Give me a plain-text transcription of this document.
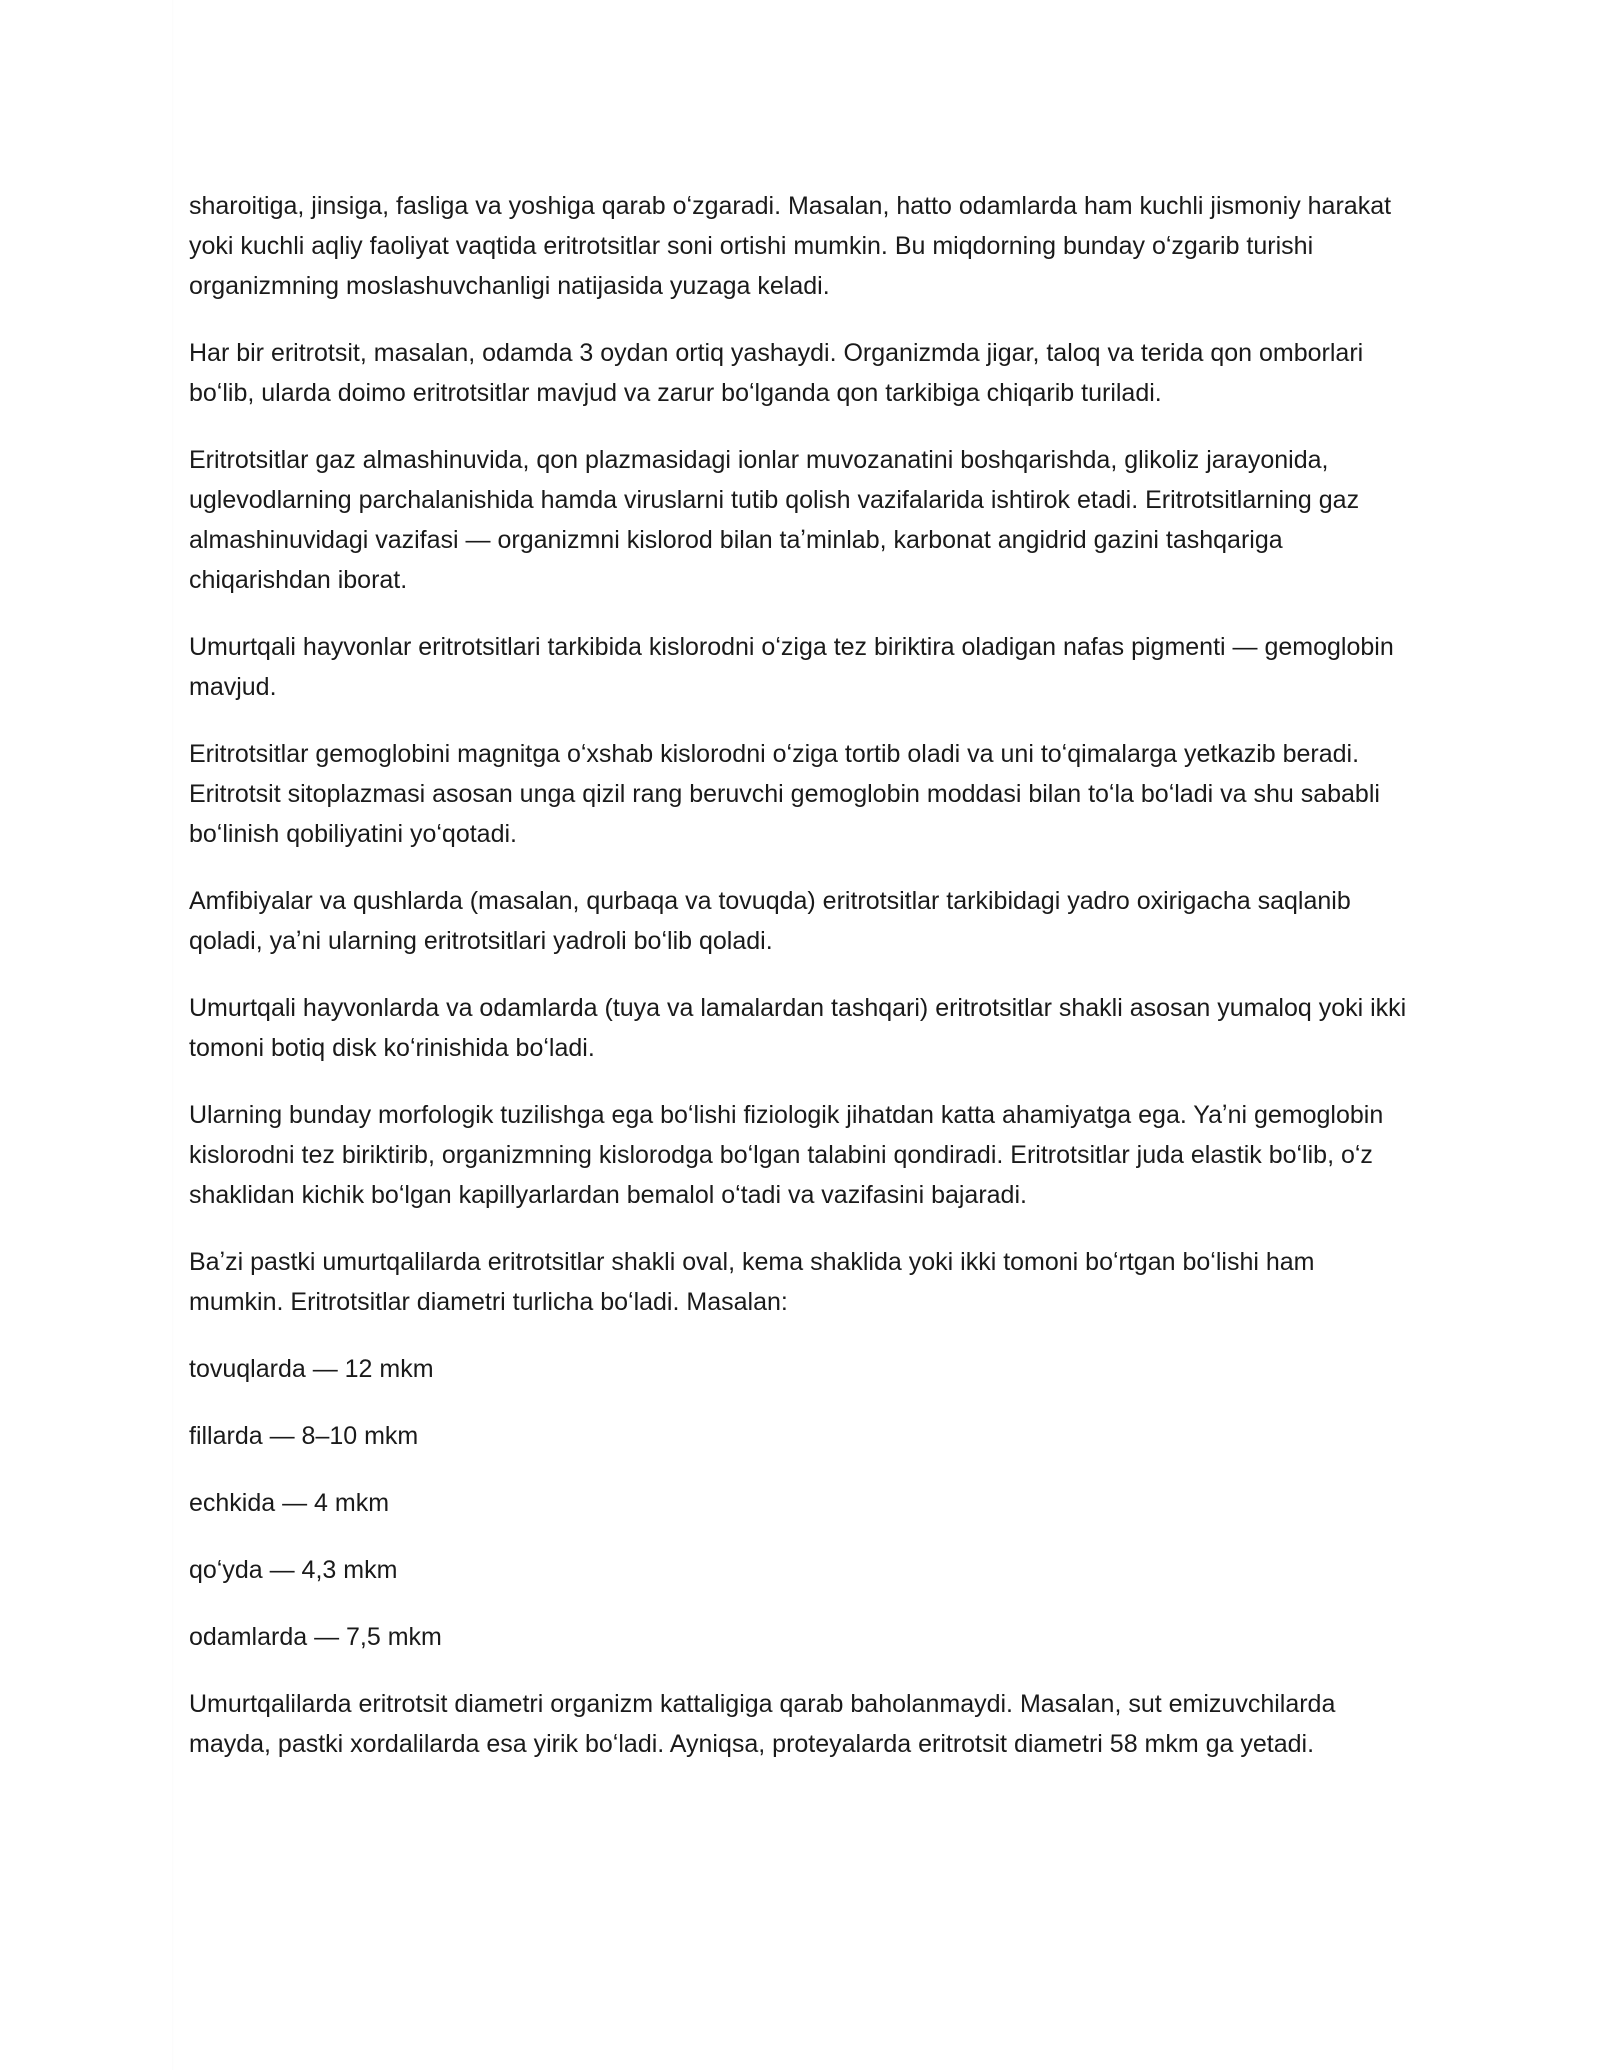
sharoitiga, jinsiga, fasliga va yoshiga qarab oʻzgaradi. Masalan, hatto odamlarda ham kuchli jismoniy harakat yoki kuchli aqliy faoliyat vaqtida eritrotsitlar soni ortishi mumkin. Bu miqdorning bunday oʻzgarib turishi organizmning moslashuvchanligi natijasida yuzaga keladi.

Har bir eritrotsit, masalan, odamda 3 oydan ortiq yashaydi. Organizmda jigar, taloq va terida qon omborlari boʻlib, ularda doimo eritrotsitlar mavjud va zarur boʻlganda qon tarkibiga chiqarib turiladi.

Eritrotsitlar gaz almashinuvida, qon plazmasidagi ionlar muvozanatini boshqarishda, glikoliz jarayonida, uglevodlarning parchalanishida hamda viruslarni tutib qolish vazifalarida ishtirok etadi. Eritrotsitlarning gaz almashinuvidagi vazifasi — organizmni kislorod bilan taʼminlab, karbonat angidrid gazini tashqariga chiqarishdan iborat.

Umurtqali hayvonlar eritrotsitlari tarkibida kislorodni oʻziga tez biriktira oladigan nafas pigmenti — gemoglobin mavjud.

Eritrotsitlar gemoglobini magnitga oʻxshab kislorodni oʻziga tortib oladi va uni toʻqimalarga yetkazib beradi. Eritrotsit sitoplazmasi asosan unga qizil rang beruvchi gemoglobin moddasi bilan toʻla boʻladi va shu sababli boʻlinish qobiliyatini yoʻqotadi.

Amfibiyalar va qushlarda (masalan, qurbaqa va tovuqda) eritrotsitlar tarkibidagi yadro oxirigacha saqlanib qoladi, yaʼni ularning eritrotsitlari yadroli boʻlib qoladi.

Umurtqali hayvonlarda va odamlarda (tuya va lamalardan tashqari) eritrotsitlar shakli asosan yumaloq yoki ikki tomoni botiq disk koʻrinishida boʻladi.

Ularning bunday morfologik tuzilishga ega boʻlishi fiziologik jihatdan katta ahamiyatga ega. Yaʼni gemoglobin kislorodni tez biriktirib, organizmning kislorodga boʻlgan talabini qondiradi. Eritrotsitlar juda elastik boʻlib, oʻz shaklidan kichik boʻlgan kapillyarlardan bemalol oʻtadi va vazifasini bajaradi.

Baʼzi pastki umurtqalilarda eritrotsitlar shakli oval, kema shaklida yoki ikki tomoni boʻrtgan boʻlishi ham mumkin. Eritrotsitlar diametri turlicha boʻladi. Masalan:

tovuqlarda — 12 mkm

fillarda — 8–10 mkm

echkida — 4 mkm

qoʻyda — 4,3 mkm

odamlarda — 7,5 mkm

Umurtqalilarda eritrotsit diametri organizm kattaligiga qarab baholanmaydi. Masalan, sut emizuvchilarda mayda, pastki xordalilarda esa yirik boʻladi. Ayniqsa, proteyalarda eritrotsit diametri 58 mkm ga yetadi.
